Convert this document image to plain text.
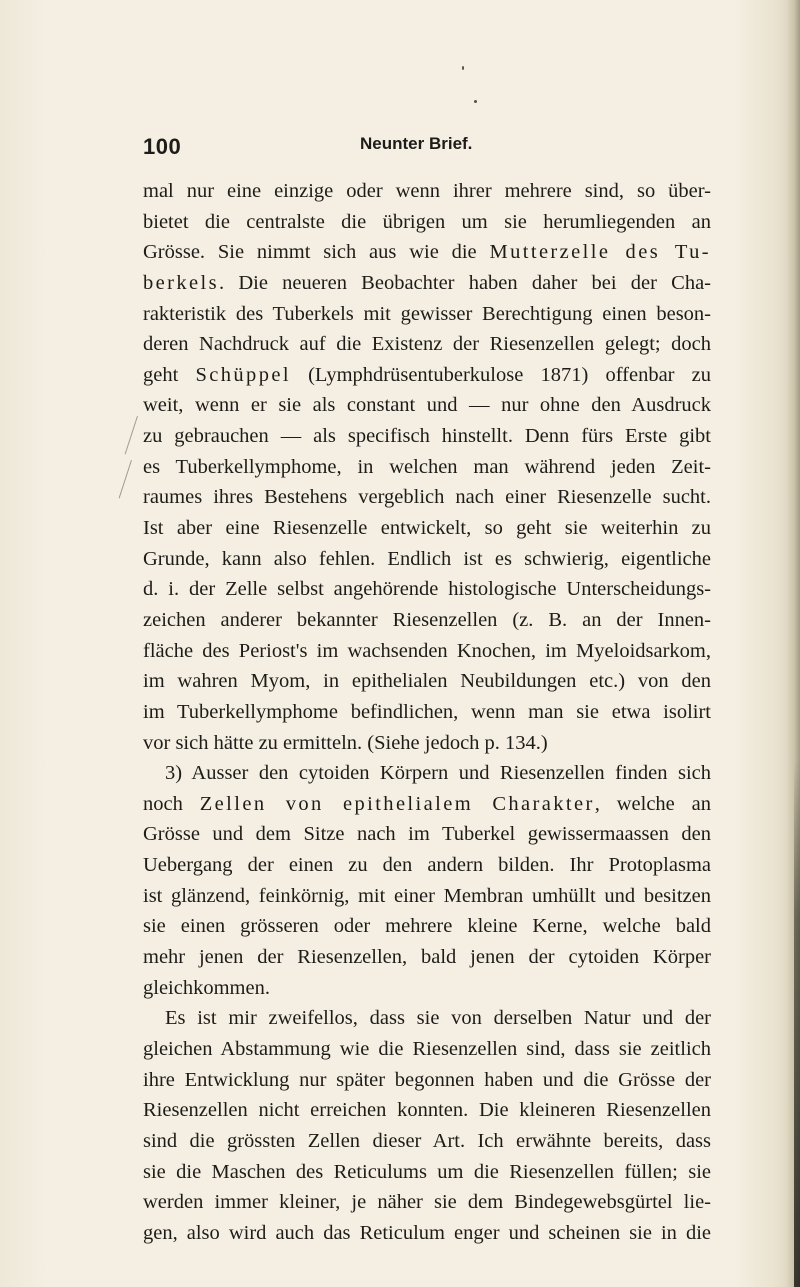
100	Neunter Brief.
mal nur eine einzige oder wenn ihrer mehrere sind, so über-
bietet die centralste die übrigen um sie herumliegenden an
Grösse. Sie nimmt sich aus wie die Mutterzelle des Tu-
berkels. Die neueren Beobachter haben daher bei der Cha-
rakteristik des Tuberkels mit gewisser Berechtigung einen beson-
deren Nachdruck auf die Existenz der Riesenzellen gelegt; doch
geht Schüppel (Lymphdrüsentuberkulose 1871) offenbar zu
weit, wenn er sie als constant und — nur ohne den Ausdruck
zu gebrauchen — als specifisch hinstellt. Denn fürs Erste gibt
es Tuberkellymphome, in welchen man während jeden Zeit-
raumes ihres Bestehens vergeblich nach einer Riesenzelle sucht.
Ist aber eine Riesenzelle entwickelt, so geht sie weiterhin zu
Grunde, kann also fehlen. Endlich ist es schwierig, eigentliche
d. i. der Zelle selbst angehörende histologische Unterscheidungs-
zeichen anderer bekannter Riesenzellen (z. B. an der Innen-
fläche des Periost's im wachsenden Knochen, im Myeloidsarkom,
im wahren Myom, in epithelialen Neubildungen etc.) von den
im Tuberkellymphome befindlichen, wenn man sie etwa isolirt
vor sich hätte zu ermitteln. (Siehe jedoch p. 134.)
3) Ausser den cytoiden Körpern und Riesenzellen finden sich
noch Zellen von epithelialem Charakter, welche an
Grösse und dem Sitze nach im Tuberkel gewissermaassen den
Uebergang der einen zu den andern bilden. Ihr Protoplasma
ist glänzend, feinkörnig, mit einer Membran umhüllt und besitzen
sie einen grösseren oder mehrere kleine Kerne, welche bald
mehr jenen der Riesenzellen, bald jenen der cytoiden Körper
gleichkommen.
Es ist mir zweifellos, dass sie von derselben Natur und der
gleichen Abstammung wie die Riesenzellen sind, dass sie zeitlich
ihre Entwicklung nur später begonnen haben und die Grösse der
Riesenzellen nicht erreichen konnten. Die kleineren Riesenzellen
sind die grössten Zellen dieser Art. Ich erwähnte bereits, dass
sie die Maschen des Reticulums um die Riesenzellen füllen; sie
werden immer kleiner, je näher sie dem Bindegewebsgürtel lie-
gen, also wird auch das Reticulum enger und scheinen sie in die
